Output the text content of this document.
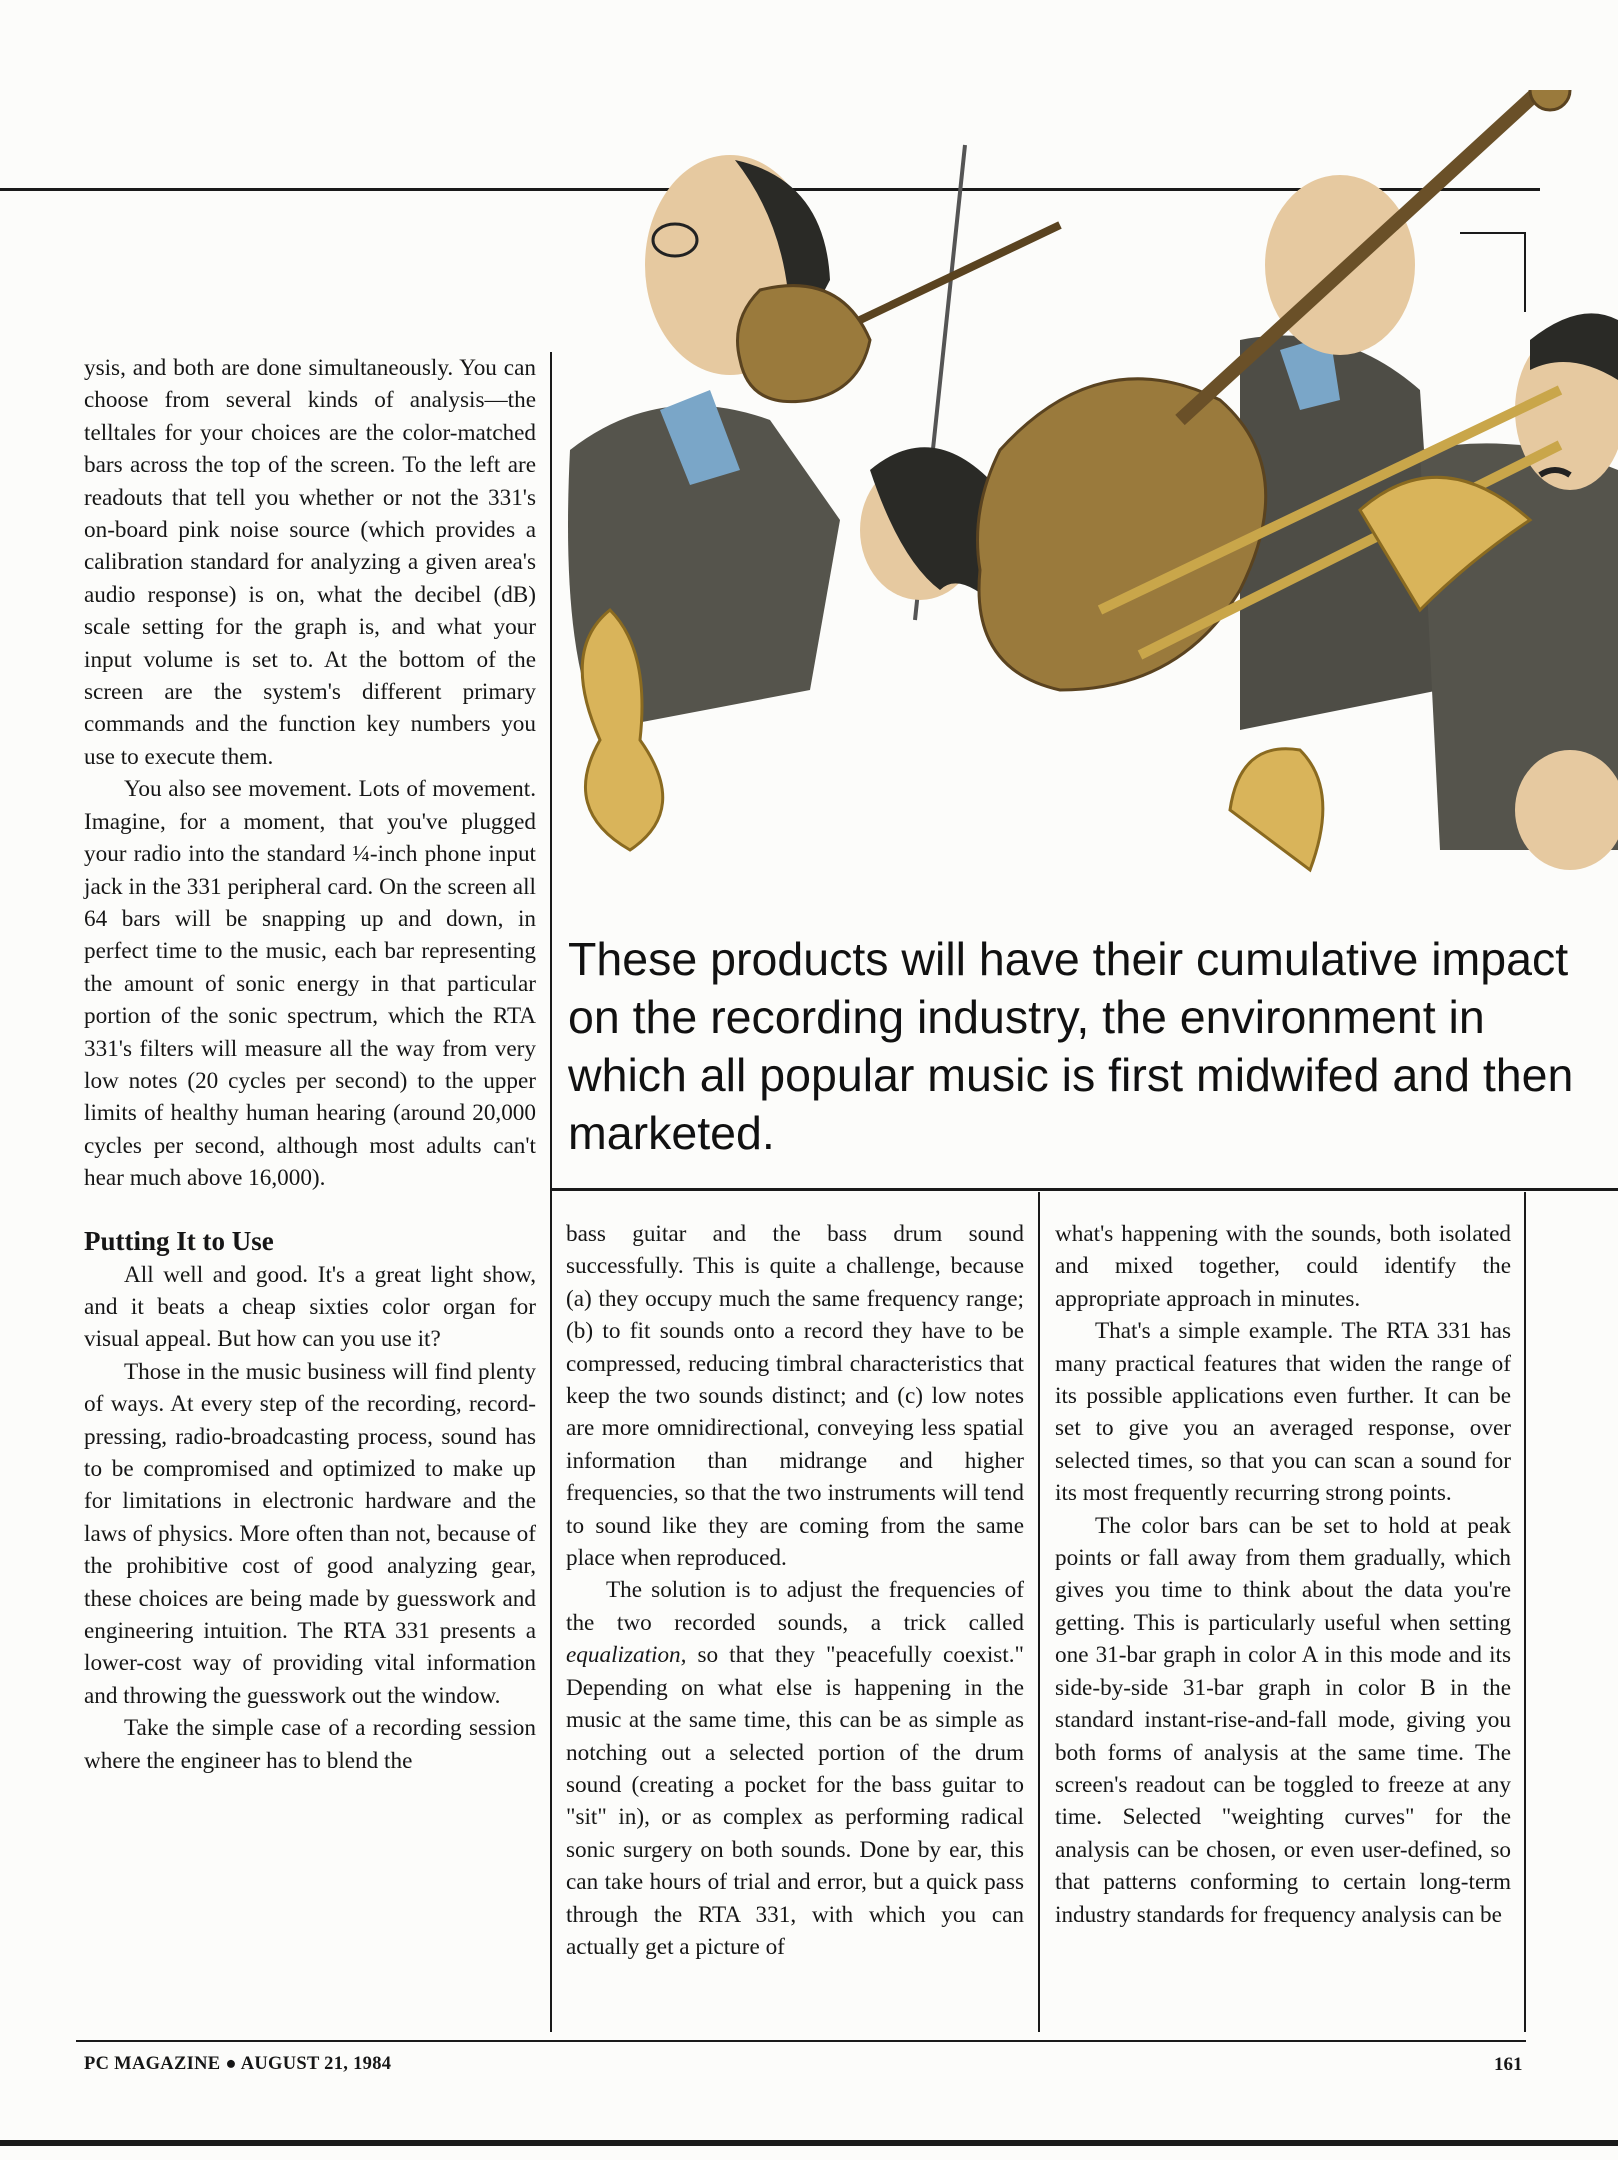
These products will have their cumulative impact on the recording industry, the environment in which all popular music is first midwifed and then marketed.

ysis, and both are done simultaneously. You can choose from several kinds of analysis—the telltales for your choices are the color-matched bars across the top of the screen. To the left are readouts that tell you whether or not the 331's on-board pink noise source (which provides a calibration standard for analyzing a given area's audio response) is on, what the decibel (dB) scale setting for the graph is, and what your input volume is set to. At the bottom of the screen are the system's different primary commands and the function key numbers you use to execute them.

You also see movement. Lots of movement. Imagine, for a moment, that you've plugged your radio into the standard ¼-inch phone input jack in the 331 peripheral card. On the screen all 64 bars will be snapping up and down, in perfect time to the music, each bar representing the amount of sonic energy in that particular portion of the sonic spectrum, which the RTA 331's filters will measure all the way from very low notes (20 cycles per second) to the upper limits of healthy human hearing (around 20,000 cycles per second, although most adults can't hear much above 16,000).

Putting It to Use

All well and good. It's a great light show, and it beats a cheap sixties color organ for visual appeal. But how can you use it?

Those in the music business will find plenty of ways. At every step of the recording, record-pressing, radio-broadcasting process, sound has to be compromised and optimized to make up for limitations in electronic hardware and the laws of physics. More often than not, because of the prohibitive cost of good analyzing gear, these choices are being made by guesswork and engineering intuition. The RTA 331 presents a lower-cost way of providing vital information and throwing the guesswork out the window.

Take the simple case of a recording session where the engineer has to blend the

bass guitar and the bass drum sound successfully. This is quite a challenge, because (a) they occupy much the same frequency range; (b) to fit sounds onto a record they have to be compressed, reducing timbral characteristics that keep the two sounds distinct; and (c) low notes are more omnidirectional, conveying less spatial information than midrange and higher frequencies, so that the two instruments will tend to sound like they are coming from the same place when reproduced.

The solution is to adjust the frequencies of the two recorded sounds, a trick called equalization, so that they "peacefully coexist." Depending on what else is happening in the music at the same time, this can be as simple as notching out a selected portion of the drum sound (creating a pocket for the bass guitar to "sit" in), or as complex as performing radical sonic surgery on both sounds. Done by ear, this can take hours of trial and error, but a quick pass through the RTA 331, with which you can actually get a picture of

what's happening with the sounds, both isolated and mixed together, could identify the appropriate approach in minutes.

That's a simple example. The RTA 331 has many practical features that widen the range of its possible applications even further. It can be set to give you an averaged response, over selected times, so that you can scan a sound for its most frequently recurring strong points.

The color bars can be set to hold at peak points or fall away from them gradually, which gives you time to think about the data you're getting. This is particularly useful when setting one 31-bar graph in color A in this mode and its side-by-side 31-bar graph in color B in the standard instant-rise-and-fall mode, giving you both forms of analysis at the same time. The screen's readout can be toggled to freeze at any time. Selected "weighting curves" for the analysis can be chosen, or even user-defined, so that patterns conforming to certain long-term industry standards for frequency analysis can be

PC MAGAZINE ● AUGUST 21, 1984	161
